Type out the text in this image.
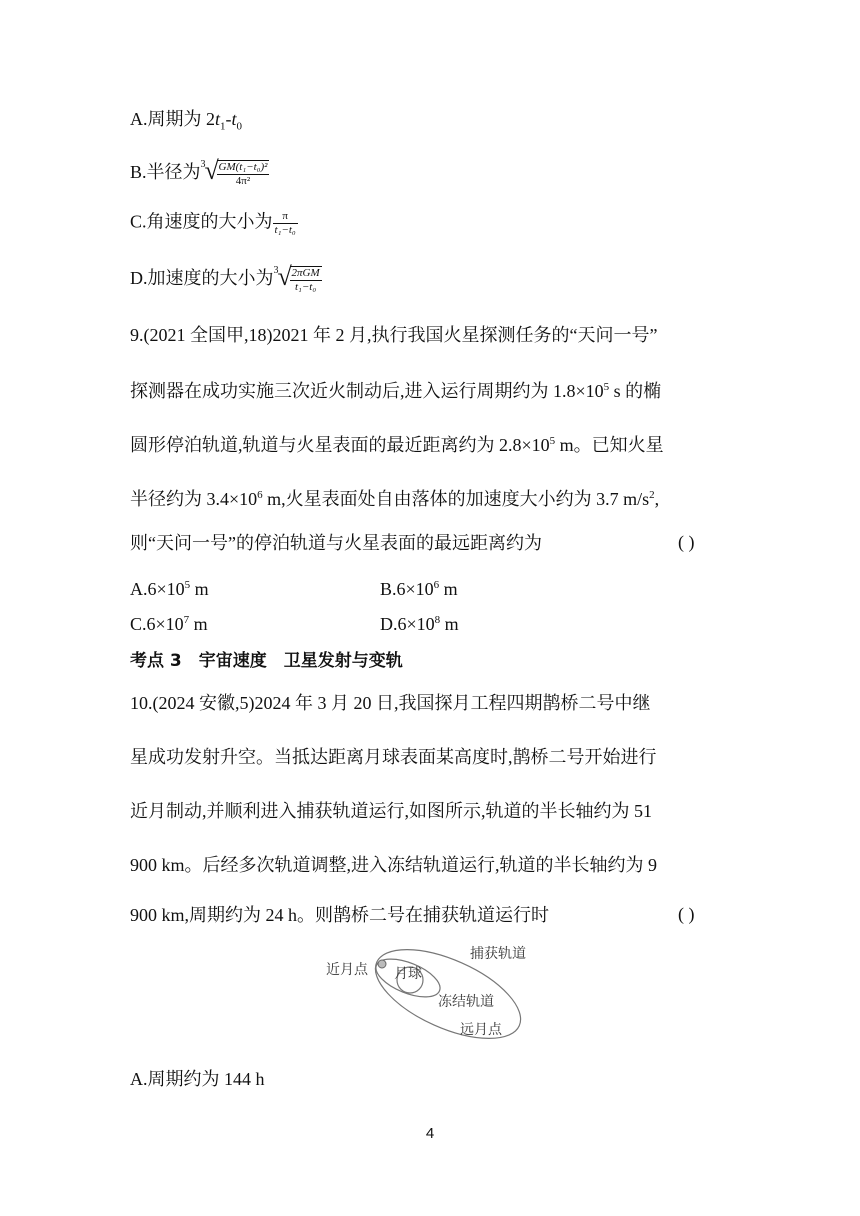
A.周期为 $2t_1-t_0$
B.半径为 3 √
$\frac{\text{GM(t₁−t₀)²}}{\text{4π²}}$
C.角速度的大小为 $\frac{\pi}{\text{t₁−t₀}}$
D.加速度的大小为 3 √
$\frac{\text{2πGM}}{\text{t₁−t₀}}$
9.(2021 全国甲,18)2021 年 2 月,执行我国火星探测任务的“天问一号”
探测器在成功实施三次近火制动后,进入运行周期约为 $1.8\times 10^5$ s 的椭
圆形停泊轨道,轨道与火星表面的最近距离约为 $2.8\times 10^5$ m。已知火星
半径约为 $3.4\times 10^6$ m,火星表面处自由落体的加速度大小约为 3.7 $m/s^2$,
则“天问一号”的停泊轨道与火星表面的最远距离约为	( )
$A.6\times 10^5$ m	$B.6\times 10^6$ m
$C.6\times 10^7$ m	$D.6\times 10^8$ m
考点 3　宇宙速度　卫星发射与变轨
10.(2024 安徽,5)2024 年 3 月 20 日,我国探月工程四期鹊桥二号中继
星成功发射升空。当抵达距离月球表面某高度时,鹊桥二号开始进行
近月制动,并顺利进入捕获轨道运行,如图所示,轨道的半长轴约为 51
900 km。后经多次轨道调整,进入冻结轨道运行,轨道的半长轴约为 9
900 km,周期约为 24 h。则鹊桥二号在捕获轨道运行时	( )
捕获轨道
近月点 月球
冻结轨道
远月点
A.周期约为 144 h
4
